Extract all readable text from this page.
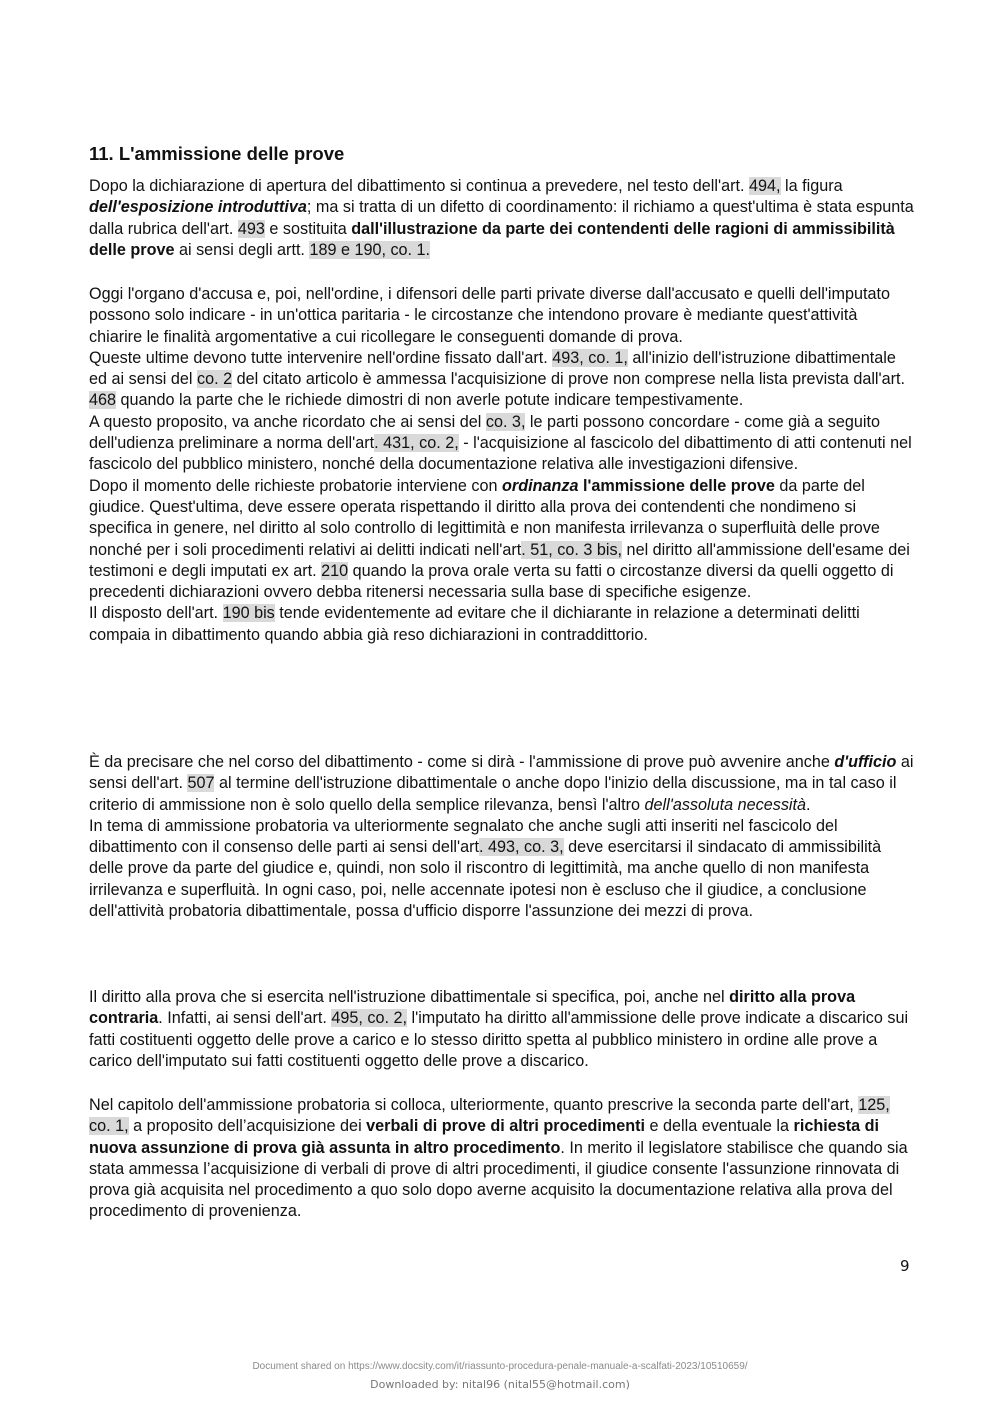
11. L'ammissione delle prove

Dopo la dichiarazione di apertura del dibattimento si continua a prevedere, nel testo dell'art. 494, la figura dell'esposizione introduttiva; ma si tratta di un difetto di coordinamento: il richiamo a quest'ultima è stata espunta dalla rubrica dell'art. 493 e sostituita dall'illustrazione da parte dei contendenti delle ragioni di ammissibilità delle prove ai sensi degli artt. 189 e 190, co. 1.

Oggi l'organo d'accusa e, poi, nell'ordine, i difensori delle parti private diverse dall'accusato e quelli dell'imputato possono solo indicare - in un'ottica paritaria - le circostanze che intendono provare è mediante quest'attività chiarire le finalità argomentative a cui ricollegare le conseguenti domande di prova.

Queste ultime devono tutte intervenire nell'ordine fissato dall'art. 493, co. 1, all'inizio dell'istruzione dibattimentale ed ai sensi del co. 2 del citato articolo è ammessa l'acquisizione di prove non comprese nella lista prevista dall'art. 468 quando la parte che le richiede dimostri di non averle potute indicare tempestivamente.

A questo proposito, va anche ricordato che ai sensi del co. 3, le parti possono concordare - come già a seguito dell'udienza preliminare a norma dell'art. 431, co. 2, - l'acquisizione al fascicolo del dibattimento di atti contenuti nel fascicolo del pubblico ministero, nonché della documentazione relativa alle investigazioni difensive.

Dopo il momento delle richieste probatorie interviene con ordinanza l'ammissione delle prove da parte del giudice. Quest'ultima, deve essere operata rispettando il diritto alla prova dei contendenti che nondimeno si specifica in genere, nel diritto al solo controllo di legittimità e non manifesta irrilevanza o superfluità delle prove nonché per i soli procedimenti relativi ai delitti indicati nell'art. 51, co. 3 bis, nel diritto all'ammissione dell'esame dei testimoni e degli imputati ex art. 210 quando la prova orale verta su fatti o circostanze diversi da quelli oggetto di precedenti dichiarazioni ovvero debba ritenersi necessaria sulla base di specifiche esigenze.

Il disposto dell'art. 190 bis tende evidentemente ad evitare che il dichiarante in relazione a determinati delitti compaia in dibattimento quando abbia già reso dichiarazioni in contraddittorio.

È da precisare che nel corso del dibattimento - come si dirà - l'ammissione di prove può avvenire anche d'ufficio ai sensi dell'art. 507 al termine dell'istruzione dibattimentale o anche dopo l'inizio della discussione, ma in tal caso il criterio di ammissione non è solo quello della semplice rilevanza, bensì l'altro dell'assoluta necessità.

In tema di ammissione probatoria va ulteriormente segnalato che anche sugli atti inseriti nel fascicolo del dibattimento con il consenso delle parti ai sensi dell'art. 493, co. 3, deve esercitarsi il sindacato di ammissibilità delle prove da parte del giudice e, quindi, non solo il riscontro di legittimità, ma anche quello di non manifesta irrilevanza e superfluità. In ogni caso, poi, nelle accennate ipotesi non è escluso che il giudice, a conclusione dell'attività probatoria dibattimentale, possa d'ufficio disporre l'assunzione dei mezzi di prova.

Il diritto alla prova che si esercita nell'istruzione dibattimentale si specifica, poi, anche nel diritto alla prova contraria. Infatti, ai sensi dell'art. 495, co. 2, l'imputato ha diritto all'ammissione delle prove indicate a discarico sui fatti costituenti oggetto delle prove a carico e lo stesso diritto spetta al pubblico ministero in ordine alle prove a carico dell'imputato sui fatti costituenti oggetto delle prove a discarico.

Nel capitolo dell'ammissione probatoria si colloca, ulteriormente, quanto prescrive la seconda parte dell'art, 125, co. 1, a proposito dell’acquisizione dei verbali di prove di altri procedimenti e della eventuale la richiesta di nuova assunzione di prova già assunta in altro procedimento. In merito il legislatore stabilisce che quando sia stata ammessa l’acquisizione di verbali di prove di altri procedimenti, il giudice consente l'assunzione rinnovata di prova già acquisita nel procedimento a quo solo dopo averne acquisito la documentazione relativa alla prova del procedimento di provenienza.

9
Document shared on https://www.docsity.com/it/riassunto-procedura-penale-manuale-a-scalfati-2023/10510659/
Downloaded by: nital96 (nital55@hotmail.com)
